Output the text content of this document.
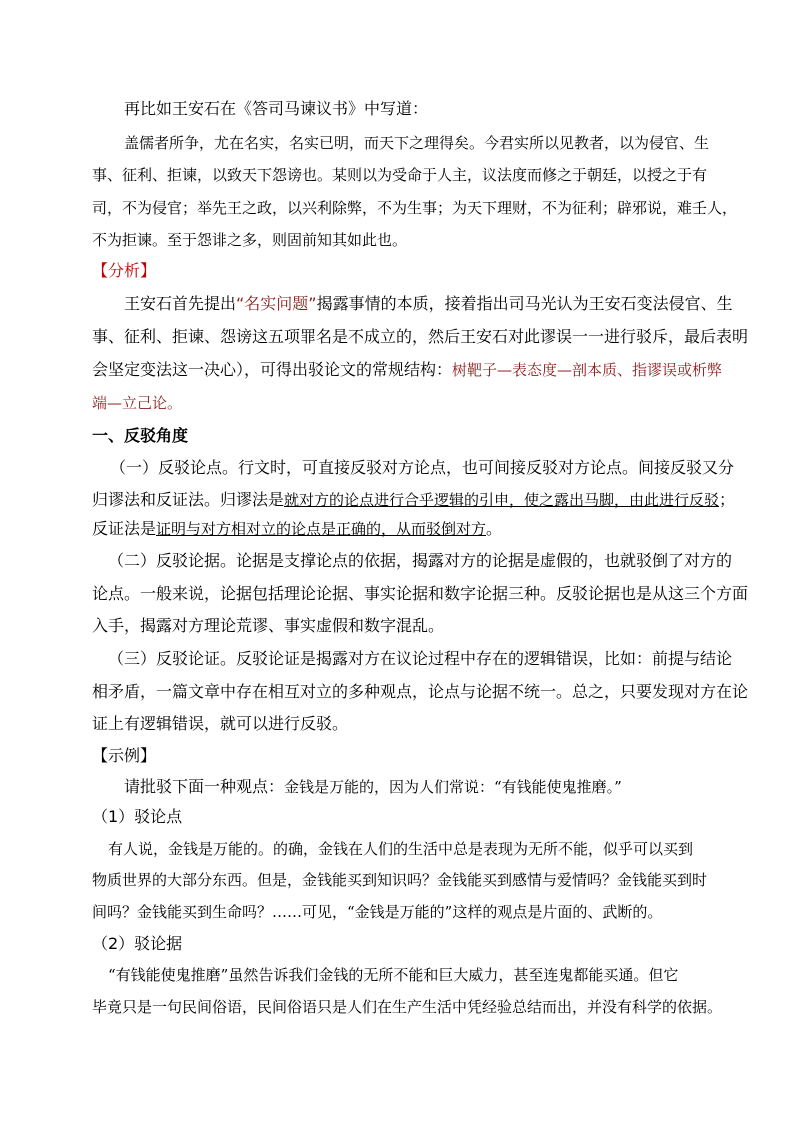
再比如王安石在《答司马谏议书》中写道：
盖儒者所争，尤在名实，名实已明，而天下之理得矣。今君实所以见教者，以为侵官、生
事、征利、拒谏，以致天下怨谤也。某则以为受命于人主，议法度而修之于朝廷，以授之于有
司，不为侵官；举先王之政，以兴利除弊，不为生事；为天下理财，不为征利；辟邪说，难壬人，
不为拒谏。至于怨诽之多，则固前知其如此也。
【分析】
王安石首先提出“名实问题”揭露事情的本质，接着指出司马光认为王安石变法侵官、生
事、征利、拒谏、怨谤这五项罪名是不成立的，然后王安石对此谬误一一进行驳斥，最后表明
会坚定变法这一决心），可得出驳论文的常规结构：树靶子—表态度—剖本质、指谬误或析弊
端—立己论。
一、反驳角度
（一）反驳论点。行文时，可直接反驳对方论点，也可间接反驳对方论点。间接反驳又分
归谬法和反证法。归谬法是就对方的论点进行合乎逻辑的引申，使之露出马脚，由此进行反驳；
反证法是证明与对方相对立的论点是正确的，从而驳倒对方。
（二）反驳论据。论据是支撑论点的依据，揭露对方的论据是虚假的，也就驳倒了对方的
论点。一般来说，论据包括理论论据、事实论据和数字论据三种。反驳论据也是从这三个方面
入手，揭露对方理论荒谬、事实虚假和数字混乱。
（三）反驳论证。反驳论证是揭露对方在议论过程中存在的逻辑错误，比如：前提与结论
相矛盾，一篇文章中存在相互对立的多种观点，论点与论据不统一。总之，只要发现对方在论
证上有逻辑错误，就可以进行反驳。
【示例】
请批驳下面一种观点：金钱是万能的，因为人们常说：“有钱能使鬼推磨。”
（1）驳论点
有人说，金钱是万能的。的确，金钱在人们的生活中总是表现为无所不能，似乎可以买到
物质世界的大部分东西。但是，金钱能买到知识吗？金钱能买到感情与爱情吗？金钱能买到时
间吗？金钱能买到生命吗？……可见，“金钱是万能的”这样的观点是片面的、武断的。
（2）驳论据
“有钱能使鬼推磨”虽然告诉我们金钱的无所不能和巨大威力，甚至连鬼都能买通。但它
毕竟只是一句民间俗语，民间俗语只是人们在生产生活中凭经验总结而出，并没有科学的依据。
